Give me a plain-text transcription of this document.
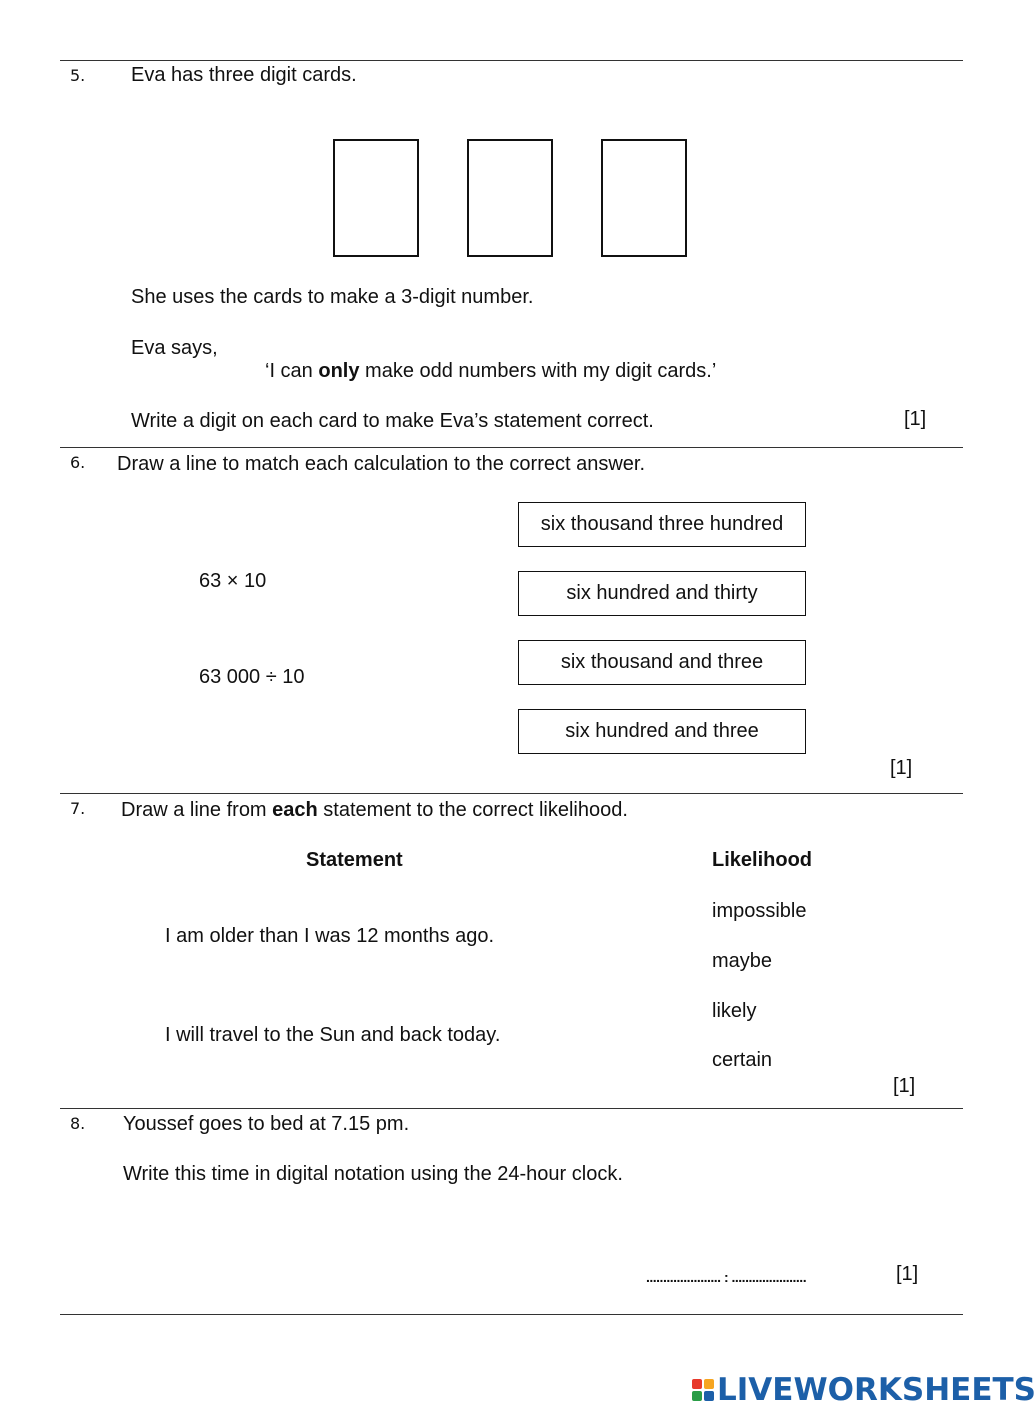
5. Eva has three digit cards.
She uses the cards to make a 3-digit number.
Eva says,
‘I can only make odd numbers with my digit cards.’
Write a digit on each card to make Eva’s statement correct.	[1]
6. Draw a line to match each calculation to the correct answer.
63 × 10
63 000 ÷ 10
six thousand three hundred
six hundred and thirty
six thousand and three
six hundred and three
[1]
7. Draw a line from each statement to the correct likelihood.
Statement	Likelihood
I am older than I was 12 months ago.
I will travel to the Sun and back today.
impossible
maybe
likely
certain
[1]
8. Youssef goes to bed at 7.15 pm.
Write this time in digital notation using the 24-hour clock.
...................... : ......................	[1]
LIVEWORKSHEETS
